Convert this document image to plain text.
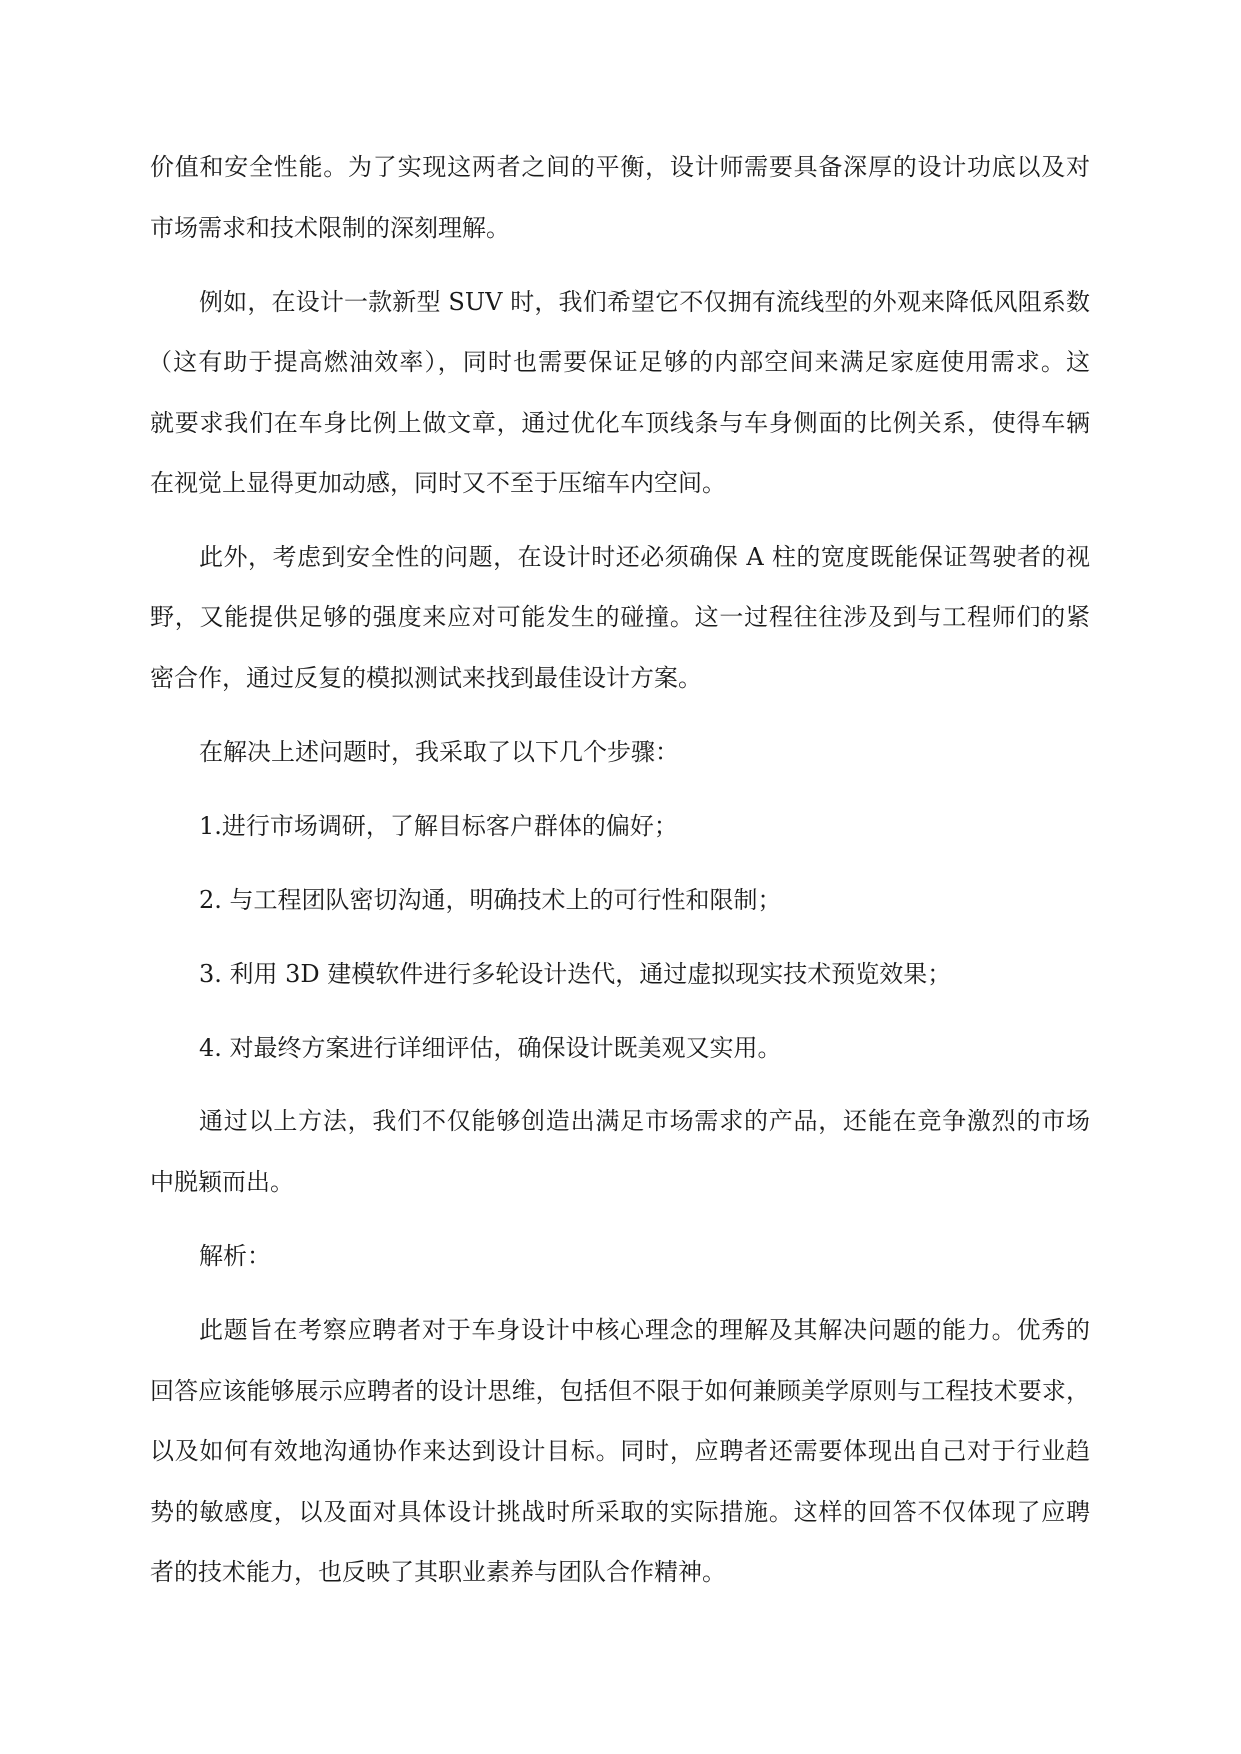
价值和安全性能。为了实现这两者之间的平衡，设计师需要具备深厚的设计功底以及对

市场需求和技术限制的深刻理解。

例如，在设计一款新型 SUV 时，我们希望它不仅拥有流线型的外观来降低风阻系数

（这有助于提高燃油效率），同时也需要保证足够的内部空间来满足家庭使用需求。这

就要求我们在车身比例上做文章，通过优化车顶线条与车身侧面的比例关系，使得车辆

在视觉上显得更加动感，同时又不至于压缩车内空间。

此外，考虑到安全性的问题，在设计时还必须确保 A 柱的宽度既能保证驾驶者的视

野，又能提供足够的强度来应对可能发生的碰撞。这一过程往往涉及到与工程师们的紧

密合作，通过反复的模拟测试来找到最佳设计方案。

在解决上述问题时，我采取了以下几个步骤：

1.进行市场调研，了解目标客户群体的偏好；

2. 与工程团队密切沟通，明确技术上的可行性和限制；

3. 利用 3D 建模软件进行多轮设计迭代，通过虚拟现实技术预览效果；

4. 对最终方案进行详细评估，确保设计既美观又实用。

通过以上方法，我们不仅能够创造出满足市场需求的产品，还能在竞争激烈的市场

中脱颖而出。

解析：

此题旨在考察应聘者对于车身设计中核心理念的理解及其解决问题的能力。优秀的

回答应该能够展示应聘者的设计思维，包括但不限于如何兼顾美学原则与工程技术要求，

以及如何有效地沟通协作来达到设计目标。同时，应聘者还需要体现出自己对于行业趋

势的敏感度，以及面对具体设计挑战时所采取的实际措施。这样的回答不仅体现了应聘

者的技术能力，也反映了其职业素养与团队合作精神。
